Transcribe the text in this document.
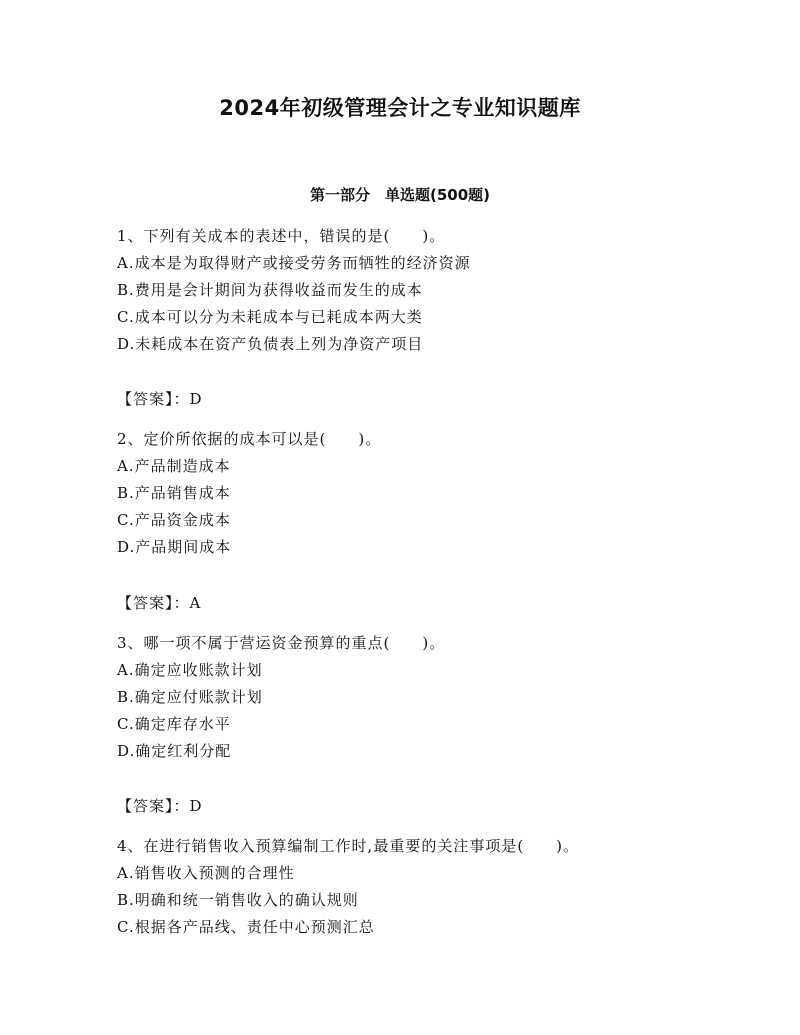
2024年初级管理会计之专业知识题库
第一部分　单选题(500题)
1、下列有关成本的表述中，错误的是(　　)。
A.成本是为取得财产或接受劳务而牺牲的经济资源
B.费用是会计期间为获得收益而发生的成本
C.成本可以分为未耗成本与已耗成本两大类
D.未耗成本在资产负债表上列为净资产项目
【答案】：D
2、定价所依据的成本可以是(　　)。
A.产品制造成本
B.产品销售成本
C.产品资金成本
D.产品期间成本
【答案】：A
3、哪一项不属于营运资金预算的重点(　　)。
A.确定应收账款计划
B.确定应付账款计划
C.确定库存水平
D.确定红利分配
【答案】：D
4、在进行销售收入预算编制工作时,最重要的关注事项是(　　)。
A.销售收入预测的合理性
B.明确和统一销售收入的确认规则
C.根据各产品线、责任中心预测汇总
